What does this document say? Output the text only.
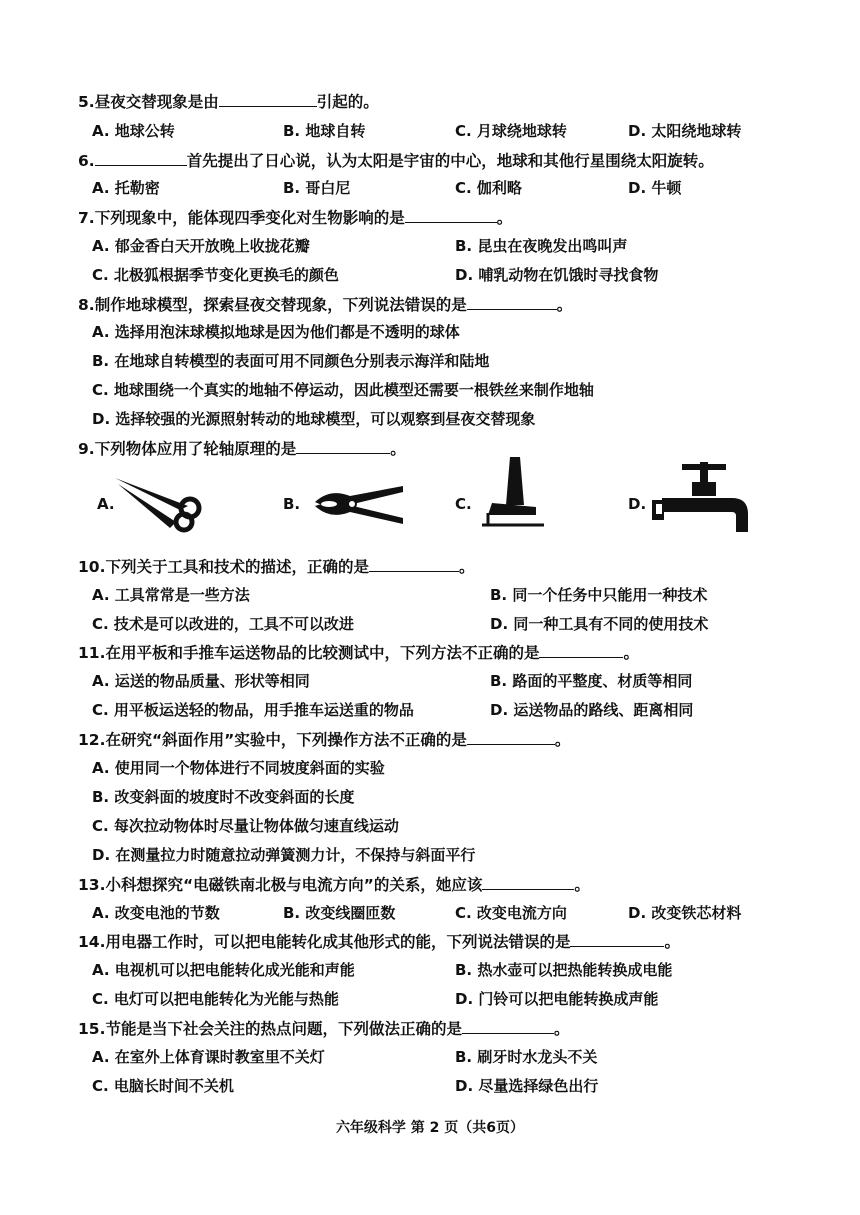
5.昼夜交替现象是由	引起的。
A. 地球公转	B. 地球自转	C. 月球绕地球转	D. 太阳绕地球转
6.	首先提出了日心说，认为太阳是宇宙的中心，地球和其他行星围绕太阳旋转。
A. 托勒密	B. 哥白尼	C. 伽利略	D. 牛顿
7.下列现象中，能体现四季变化对生物影响的是	。
A. 郁金香白天开放晚上收拢花瓣	B. 昆虫在夜晚发出鸣叫声
C. 北极狐根据季节变化更换毛的颜色	D. 哺乳动物在饥饿时寻找食物
8.制作地球模型，探索昼夜交替现象，下列说法错误的是	。
A. 选择用泡沫球模拟地球是因为他们都是不透明的球体
B. 在地球自转模型的表面可用不同颜色分别表示海洋和陆地
C. 地球围绕一个真实的地轴不停运动，因此模型还需要一根铁丝来制作地轴
D. 选择较强的光源照射转动的地球模型，可以观察到昼夜交替现象
9.下列物体应用了轮轴原理的是	。
A.	B.	C.	D.
10.下列关于工具和技术的描述，正确的是	。
A. 工具常常是一些方法	B. 同一个任务中只能用一种技术
C. 技术是可以改进的，工具不可以改进	D. 同一种工具有不同的使用技术
11.在用平板和手推车运送物品的比较测试中，下列方法不正确的是	。
A. 运送的物品质量、形状等相同	B. 路面的平整度、材质等相同
C. 用平板运送轻的物品，用手推车运送重的物品	D. 运送物品的路线、距离相同
12.在研究“斜面作用”实验中，下列操作方法不正确的是	。
A. 使用同一个物体进行不同坡度斜面的实验
B. 改变斜面的坡度时不改变斜面的长度
C. 每次拉动物体时尽量让物体做匀速直线运动
D. 在测量拉力时随意拉动弹簧测力计，不保持与斜面平行
13.小科想探究“电磁铁南北极与电流方向”的关系，她应该	。
A. 改变电池的节数	B. 改变线圈匝数	C. 改变电流方向	D. 改变铁芯材料
14.用电器工作时，可以把电能转化成其他形式的能，下列说法错误的是	。
A. 电视机可以把电能转化成光能和声能	B. 热水壶可以把热能转换成电能
C. 电灯可以把电能转化为光能与热能	D. 门铃可以把电能转换成声能
15.节能是当下社会关注的热点问题，下列做法正确的是	。
A. 在室外上体育课时教室里不关灯	B. 刷牙时水龙头不关
C. 电脑长时间不关机	D. 尽量选择绿色出行
六年级科学 第 2 页（共6页）
